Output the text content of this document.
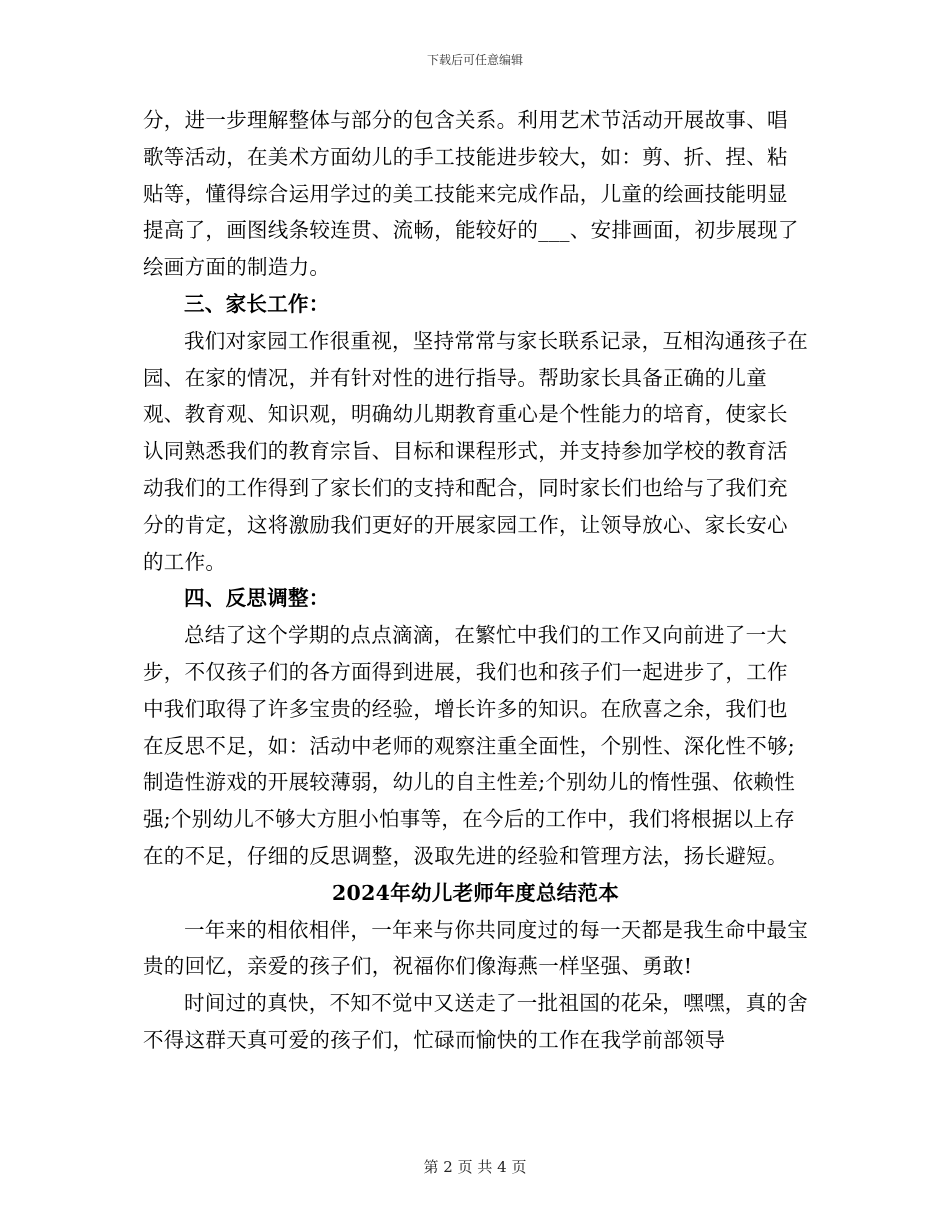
下载后可任意编辑

分，进一步理解整体与部分的包含关系。利用艺术节活动开展故事、唱歌等活动，在美术方面幼儿的手工技能进步较大，如：剪、折、捏、粘贴等，懂得综合运用学过的美工技能来完成作品，儿童的绘画技能明显提高了，画图线条较连贯、流畅，能较好的___、安排画面，初步展现了绘画方面的制造力。

三、家长工作：

我们对家园工作很重视，坚持常常与家长联系记录，互相沟通孩子在园、在家的情况，并有针对性的进行指导。帮助家长具备正确的儿童观、教育观、知识观，明确幼儿期教育重心是个性能力的培育，使家长认同熟悉我们的教育宗旨、目标和课程形式，并支持参加学校的教育活动我们的工作得到了家长们的支持和配合，同时家长们也给与了我们充分的肯定，这将激励我们更好的开展家园工作，让领导放心、家长安心的工作。

四、反思调整：

总结了这个学期的点点滴滴，在繁忙中我们的工作又向前进了一大步，不仅孩子们的各方面得到进展，我们也和孩子们一起进步了，工作中我们取得了许多宝贵的经验，增长许多的知识。在欣喜之余，我们也在反思不足，如：活动中老师的观察注重全面性，个别性、深化性不够;制造性游戏的开展较薄弱，幼儿的自主性差;个别幼儿的惰性强、依赖性强;个别幼儿不够大方胆小怕事等，在今后的工作中，我们将根据以上存在的不足，仔细的反思调整，汲取先进的经验和管理方法，扬长避短。

2024年幼儿老师年度总结范本

一年来的相依相伴，一年来与你共同度过的每一天都是我生命中最宝贵的回忆，亲爱的孩子们，祝福你们像海燕一样坚强、勇敢!

时间过的真快，不知不觉中又送走了一批祖国的花朵，嘿嘿，真的舍不得这群天真可爱的孩子们，忙碌而愉快的工作在我学前部领导

第 2 页 共 4 页
